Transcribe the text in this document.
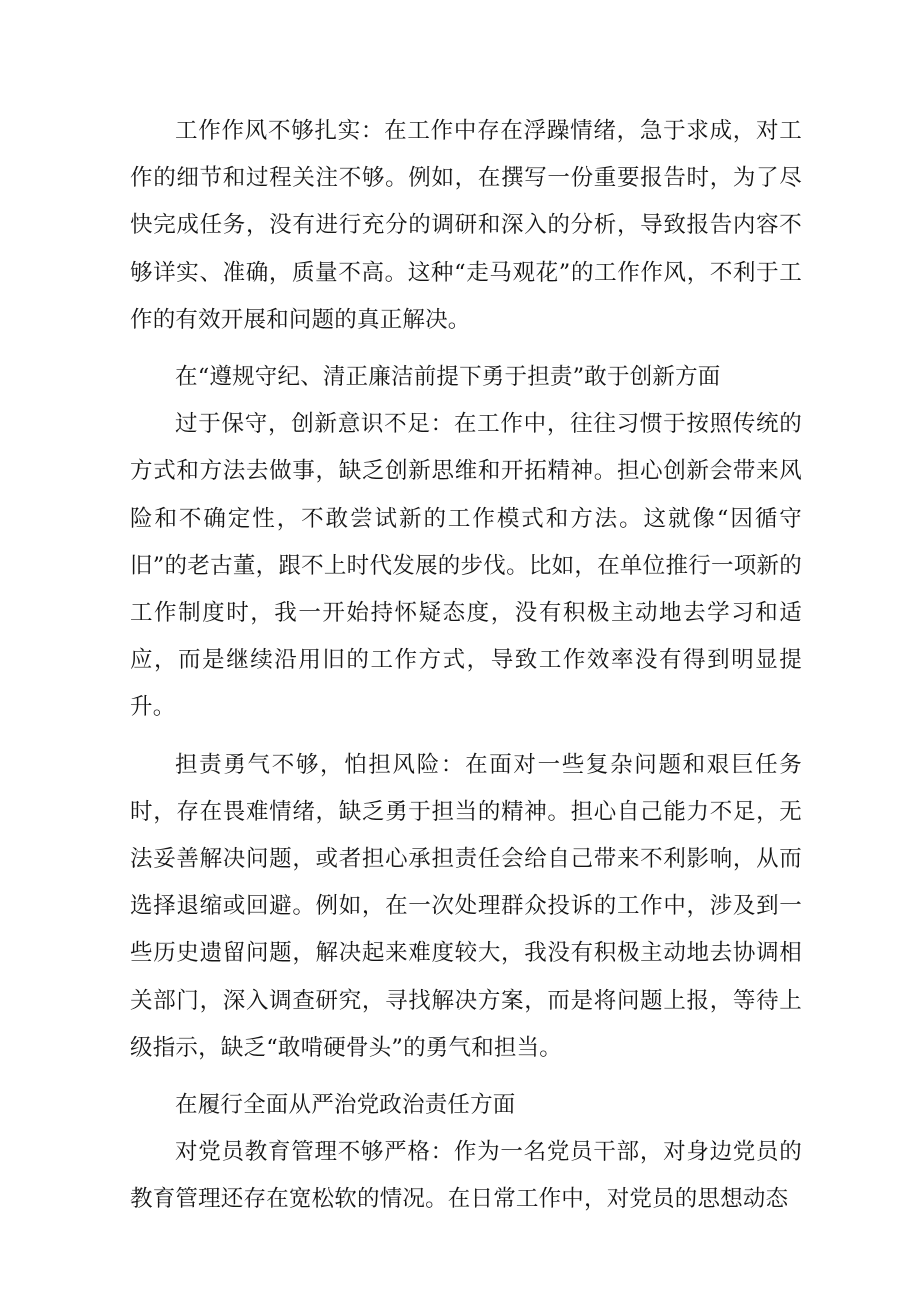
工作作风不够扎实：在工作中存在浮躁情绪，急于求成，对工作的细节和过程关注不够。例如，在撰写一份重要报告时，为了尽快完成任务，没有进行充分的调研和深入的分析，导致报告内容不够详实、准确，质量不高。这种“走马观花”的工作作风，不利于工作的有效开展和问题的真正解决。

在“遵规守纪、清正廉洁前提下勇于担责”敢于创新方面

过于保守，创新意识不足：在工作中，往往习惯于按照传统的方式和方法去做事，缺乏创新思维和开拓精神。担心创新会带来风险和不确定性，不敢尝试新的工作模式和方法。这就像“因循守旧”的老古董，跟不上时代发展的步伐。比如，在单位推行一项新的工作制度时，我一开始持怀疑态度，没有积极主动地去学习和适应，而是继续沿用旧的工作方式，导致工作效率没有得到明显提升。

担责勇气不够，怕担风险：在面对一些复杂问题和艰巨任务时，存在畏难情绪，缺乏勇于担当的精神。担心自己能力不足，无法妥善解决问题，或者担心承担责任会给自己带来不利影响，从而选择退缩或回避。例如，在一次处理群众投诉的工作中，涉及到一些历史遗留问题，解决起来难度较大，我没有积极主动地去协调相关部门，深入调查研究，寻找解决方案，而是将问题上报，等待上级指示，缺乏“敢啃硬骨头”的勇气和担当。

在履行全面从严治党政治责任方面

对党员教育管理不够严格：作为一名党员干部，对身边党员的教育管理还存在宽松软的情况。在日常工作中，对党员的思想动态
